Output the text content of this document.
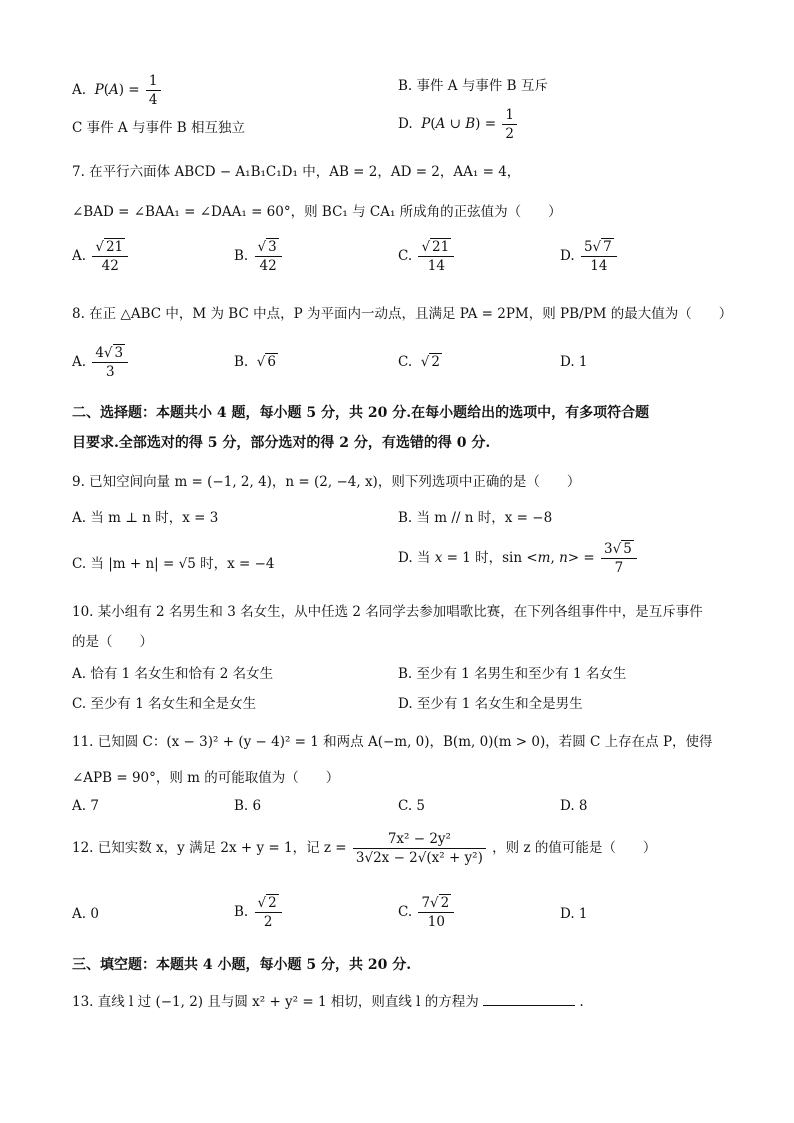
A.  $P(A) = \frac{1}{4}$	B. 事件 A 与事件 B 互斥
C 事件 A 与事件 B 相互独立	D.  P(A ∪ $B) = \frac{1}{2}$
7. 在平行六面体 ABCD − A₁B₁C₁D₁ 中，AB = 2，AD = 2，AA₁ = 4，
∠BAD = ∠BAA₁ = ∠DAA₁ = 60°，则 BC₁ 与 CA₁ 所成角的正弦值为（　　）
A. $\frac{√ 21}{42}$	B. $\frac{√ 3}{42}$	C. $\frac{√ 21}{14}$	D. $\frac{5√ 7}{14}$
8. 在正 △ABC 中，M 为 BC 中点，P 为平面内一动点，且满足 PA = 2PM，则 PB/PM 的最大值为（　　）
A. $\frac{4√ 3}{3}$	B.  √ 6	C.  √ 2	D. 1
二、选择题：本题共小 4 题，每小题 5 分，共 20 分.在每小题给出的选项中，有多项符合题
目要求.全部选对的得 5 分，部分选对的得 2 分，有选错的得 0 分.
9. 已知空间向量 m = (−1, 2, 4)，n = (2, −4, x)，则下列选项中正确的是（　　）
A. 当 m ⊥ n 时，x = 3	B. 当 m // n 时，x = −8
C. 当 |m + n| = √5 时，x = −4	D. 当 x = 1 时，sin <m, $n> = \frac{3√ 5}{7}$
10. 某小组有 2 名男生和 3 名女生，从中任选 2 名同学去参加唱歌比赛，在下列各组事件中，是互斥事件
的是（　　）
A. 恰有 1 名女生和恰有 2 名女生	B. 至少有 1 名男生和至少有 1 名女生
C. 至少有 1 名女生和全是女生	D. 至少有 1 名女生和全是男生
11. 已知圆 C：(x − 3)² + (y − 4)² = 1 和两点 A(−m, 0)，B(m, 0)(m > 0)，若圆 C 上存在点 P，使得
∠APB = 90°，则 m 的可能取值为（　　）
A. 7	B. 6	C. 5	D. 8
12. 已知实数 x，y 满足 2x + y = 1，记 $z = \frac{\text{7x² − 2y²}}{\text{3√2x − 2√(x² + y²)}}$ ，则 z 的值可能是（　　）
A. 0	B. $\frac{√ 2}{2}$	C. $\frac{7√ 2}{10}$	D. 1
三、填空题：本题共 4 小题，每小题 5 分，共 20 分.
13. 直线 l 过 (−1, 2) 且与圆 x² + y² = 1 相切，则直线 l 的方程为	.
